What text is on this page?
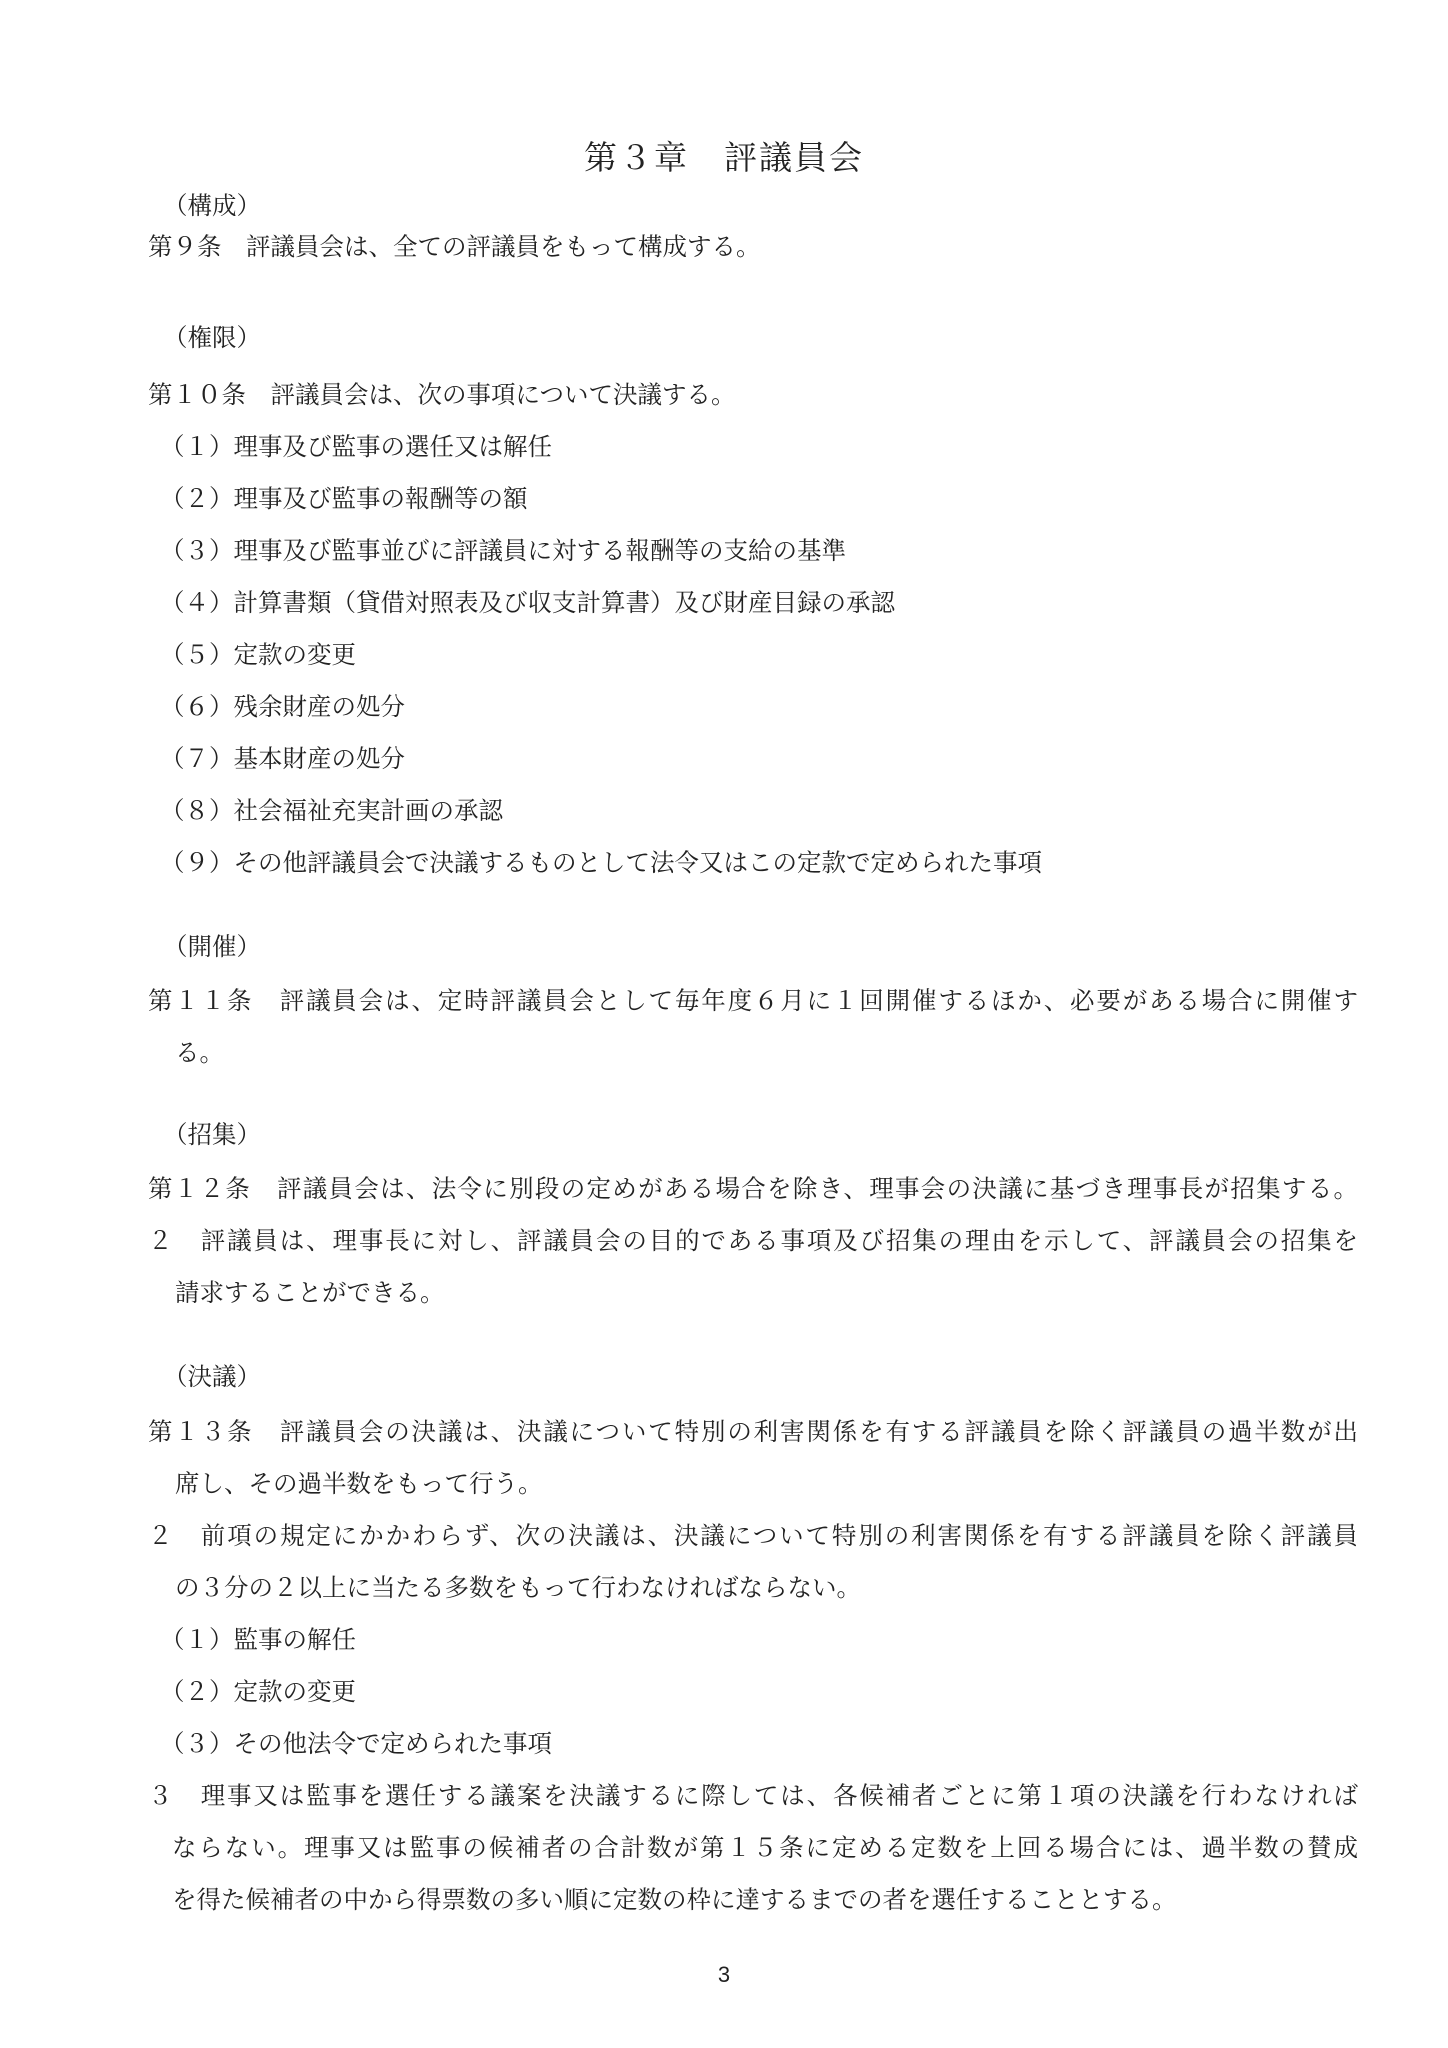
第３章　評議員会
（構成）
第９条　評議員会は、全ての評議員をもって構成する。
（権限）
第１０条　評議員会は、次の事項について決議する。
（１）理事及び監事の選任又は解任
（２）理事及び監事の報酬等の額
（３）理事及び監事並びに評議員に対する報酬等の支給の基準
（４）計算書類（貸借対照表及び収支計算書）及び財産目録の承認
（５）定款の変更
（６）残余財産の処分
（７）基本財産の処分
（８）社会福祉充実計画の承認
（９）その他評議員会で決議するものとして法令又はこの定款で定められた事項
（開催）
第１１条　評議員会は、定時評議員会として毎年度６月に１回開催するほか、必要がある場合に開催す
る。
（招集）
第１２条　評議員会は、法令に別段の定めがある場合を除き、理事会の決議に基づき理事長が招集する。
２　評議員は、理事長に対し、評議員会の目的である事項及び招集の理由を示して、評議員会の招集を
請求することができる。
（決議）
第１３条　評議員会の決議は、決議について特別の利害関係を有する評議員を除く評議員の過半数が出
席し、その過半数をもって行う。
２　前項の規定にかかわらず、次の決議は、決議について特別の利害関係を有する評議員を除く評議員
の３分の２以上に当たる多数をもって行わなければならない。
（１）監事の解任
（２）定款の変更
（３）その他法令で定められた事項
３　理事又は監事を選任する議案を決議するに際しては、各候補者ごとに第１項の決議を行わなければ
ならない。理事又は監事の候補者の合計数が第１５条に定める定数を上回る場合には、過半数の賛成
を得た候補者の中から得票数の多い順に定数の枠に達するまでの者を選任することとする。
3
